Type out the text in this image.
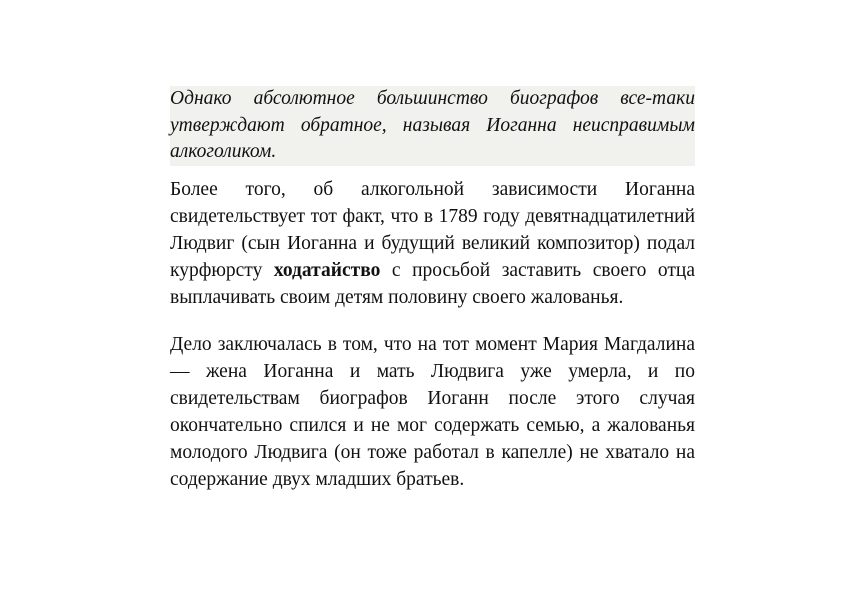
Однако абсолютное большинство биографов все-таки утверждают обратное, называя Иоганна неисправимым алкоголиком.

Более того, об алкогольной зависимости Иоганна свидетельствует тот факт, что в 1789 году девятнадцатилетний Людвиг (сын Иоганна и будущий великий композитор) подал курфюрсту ходатайство с просьбой заставить своего отца выплачивать своим детям половину своего жалованья.

Дело заключалась в том, что на тот момент Мария Магдалина — жена Иоганна и мать Людвига уже умерла, и по свидетельствам биографов Иоганн после этого случая окончательно спился и не мог содержать семью, а жалованья молодого Людвига (он тоже работал в капелле) не хватало на содержание двух младших братьев.
